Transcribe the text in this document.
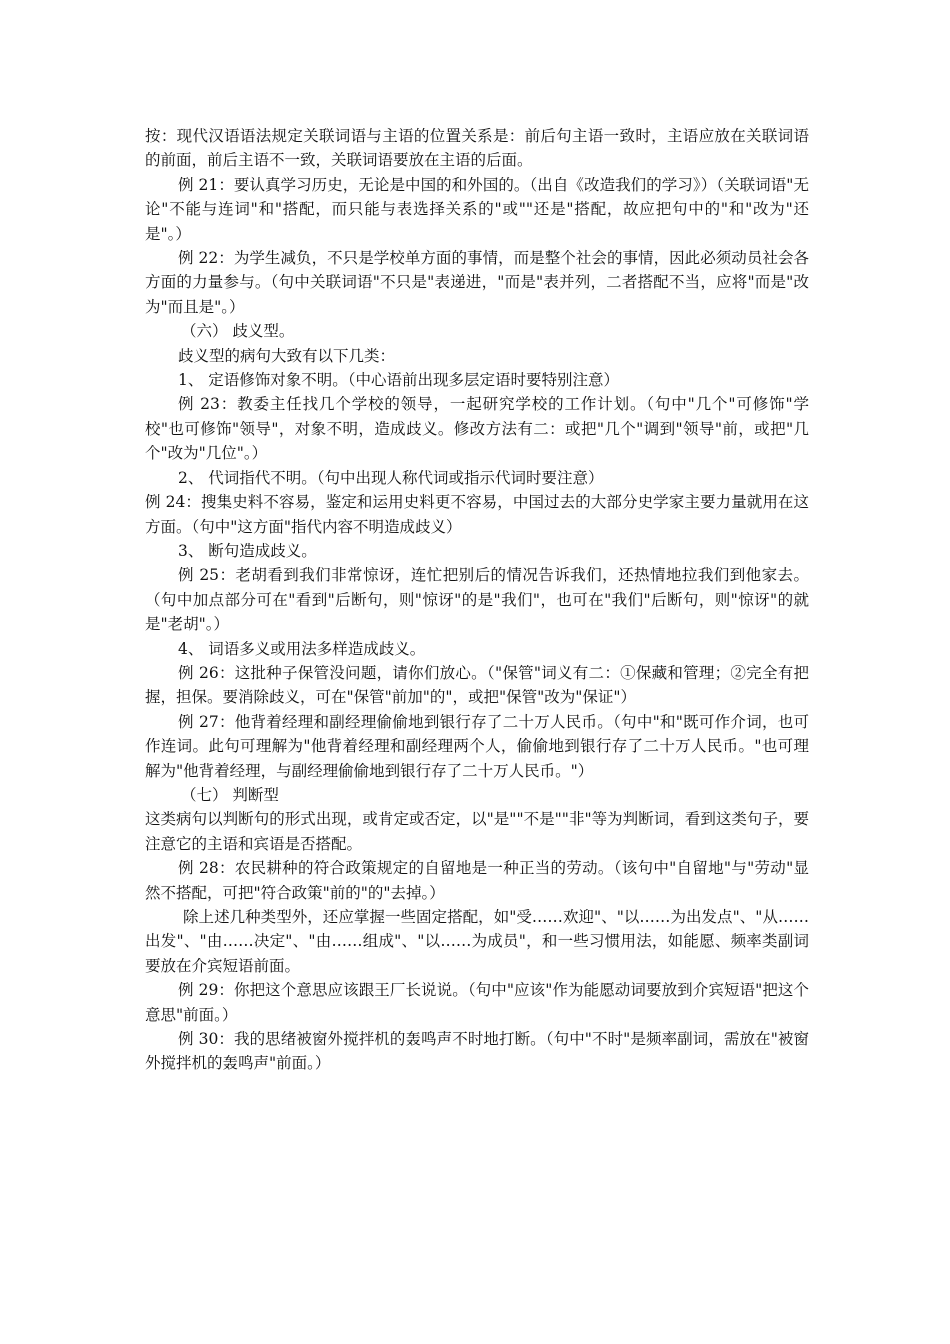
按：现代汉语语法规定关联词语与主语的位置关系是：前后句主语一致时，主语应放在关联词语的前面，前后主语不一致，关联词语要放在主语的后面。

例 21：要认真学习历史，无论是中国的和外国的。（出自《改造我们的学习》）（关联词语"无论"不能与连词"和"搭配，而只能与表选择关系的"或""还是"搭配，故应把句中的"和"改为"还是"。）

例 22：为学生减负，不只是学校单方面的事情，而是整个社会的事情，因此必须动员社会各方面的力量参与。（句中关联词语"不只是"表递进，"而是"表并列，二者搭配不当，应将"而是"改为"而且是"。）

（六） 歧义型。

歧义型的病句大致有以下几类：

1、 定语修饰对象不明。（中心语前出现多层定语时要特别注意）

例 23：教委主任找几个学校的领导，一起研究学校的工作计划。（句中"几个"可修饰"学校"也可修饰"领导"，对象不明，造成歧义。修改方法有二：或把"几个"调到"领导"前，或把"几个"改为"几位"。）

2、 代词指代不明。（句中出现人称代词或指示代词时要注意）

例 24：搜集史料不容易，鉴定和运用史料更不容易，中国过去的大部分史学家主要力量就用在这方面。（句中"这方面"指代内容不明造成歧义）

3、 断句造成歧义。

例 25：老胡看到我们非常惊讶，连忙把别后的情况告诉我们，还热情地拉我们到他家去。（句中加点部分可在"看到"后断句，则"惊讶"的是"我们"，也可在"我们"后断句，则"惊讶"的就是"老胡"。）

4、 词语多义或用法多样造成歧义。

例 26：这批种子保管没问题，请你们放心。（"保管"词义有二：①保藏和管理；②完全有把握，担保。要消除歧义，可在"保管"前加"的"，或把"保管"改为"保证"）

例 27：他背着经理和副经理偷偷地到银行存了二十万人民币。（句中"和"既可作介词，也可作连词。此句可理解为"他背着经理和副经理两个人，偷偷地到银行存了二十万人民币。"也可理解为"他背着经理，与副经理偷偷地到银行存了二十万人民币。"）

（七） 判断型

这类病句以判断句的形式出现，或肯定或否定，以"是""不是""非"等为判断词，看到这类句子，要注意它的主语和宾语是否搭配。

例 28：农民耕种的符合政策规定的自留地是一种正当的劳动。（该句中"自留地"与"劳动"显然不搭配，可把"符合政策"前的"的"去掉。）

除上述几种类型外，还应掌握一些固定搭配，如"受……欢迎"、"以……为出发点"、"从……出发"、"由……决定"、"由……组成"、"以……为成员"，和一些习惯用法，如能愿、频率类副词要放在介宾短语前面。

例 29：你把这个意思应该跟王厂长说说。（句中"应该"作为能愿动词要放到介宾短语"把这个意思"前面。）

例 30：我的思绪被窗外搅拌机的轰鸣声不时地打断。（句中"不时"是频率副词，需放在"被窗外搅拌机的轰鸣声"前面。）
